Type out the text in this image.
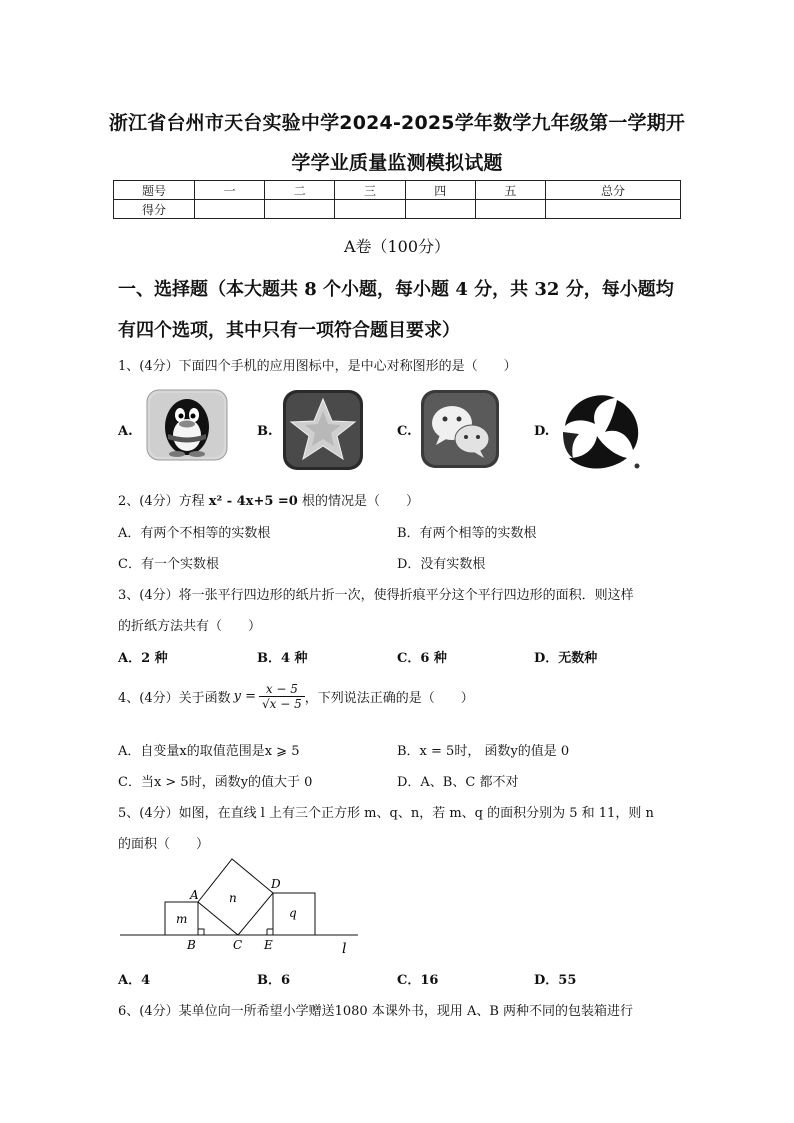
浙江省台州市天台实验中学2024-2025学年数学九年级第一学期开
学学业质量监测模拟试题
题号	一	二	三	四	五	总分
得分						
A卷（100分）
一、选择题（本大题共 8 个小题，每小题 4 分，共 32 分，每小题均
有四个选项，其中只有一项符合题目要求）
1、(4分）下面四个手机的应用图标中，是中心对称图形的是（　　）
A.	B.	C.	D.
2、(4分）方程 x² - 4x+5 =0 根的情况是（　　）
A．有两个不相等的实数根	B．有两个相等的实数根
C．有一个实数根	D．没有实数根
3、(4分）将一张平行四边形的纸片折一次，使得折痕平分这个平行四边形的面积．则这样
的折纸方法共有（　　）
A．2 种	B．4 种	C．6 种	D．无数种
4、(4分）关于函数 $y = \frac{x - 5}{√x - 5}$ ，下列说法正确的是（　　）
A．自变量x的取值范围是x ⩾ 5	B．x = 5时， 函数y的值是 0
C．当x > 5时，函数y的值大于 0	D．A、B、C 都不对
5、(4分）如图，在直线 l 上有三个正方形 m、q、n，若 m、q 的面积分别为 5 和 11，则 n
的面积（　　）
A
B	C
D
E
m
n
q
l
A．4	B．6	C．16	D．55
6、(4分）某单位向一所希望小学赠送1080 本课外书，现用 A、B 两种不同的包装箱进行
